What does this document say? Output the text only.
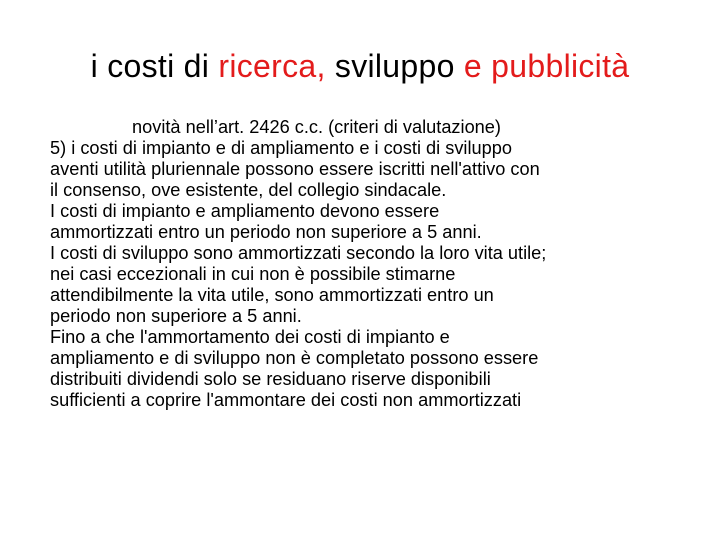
i costi di ricerca, sviluppo e pubblicità
novità nell’art. 2426 c.c. (criteri di valutazione)
5) i costi di impianto e di ampliamento e i costi di sviluppo
aventi utilità pluriennale possono essere iscritti nell'attivo con
il consenso, ove esistente, del collegio sindacale.
I costi di impianto e ampliamento devono essere
ammortizzati entro un periodo non superiore a 5 anni.
I costi di sviluppo sono ammortizzati secondo la loro vita utile;
nei casi eccezionali in cui non è possibile stimarne
attendibilmente la vita utile, sono ammortizzati entro un
periodo non superiore a 5 anni.
Fino a che l'ammortamento dei costi di impianto e
ampliamento e di sviluppo non è completato possono essere
distribuiti dividendi solo se residuano riserve disponibili
sufficienti a coprire l'ammontare dei costi non ammortizzati
